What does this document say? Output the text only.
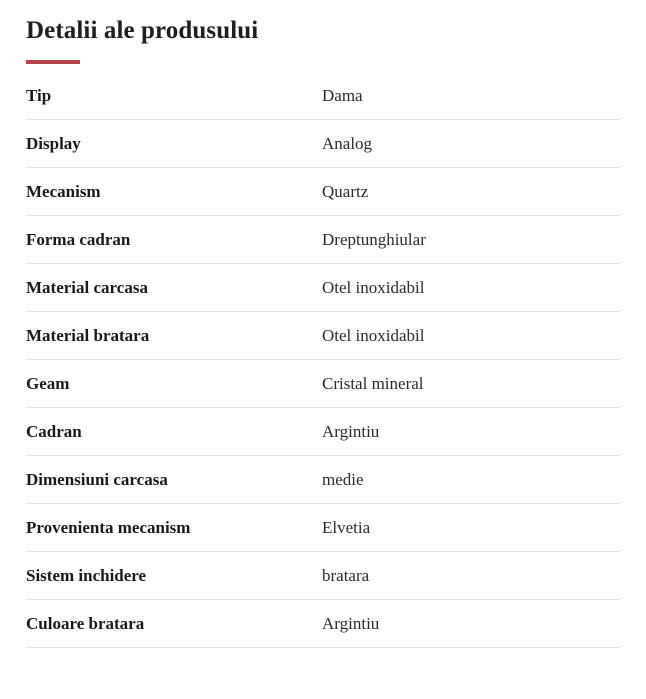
Detalii ale produsului
Tip	Dama
Display	Analog
Mecanism	Quartz
Forma cadran	Dreptunghiular
Material carcasa	Otel inoxidabil
Material bratara	Otel inoxidabil
Geam	Cristal mineral
Cadran	Argintiu
Dimensiuni carcasa	medie
Provenienta mecanism	Elvetia
Sistem inchidere	bratara
Culoare bratara	Argintiu
